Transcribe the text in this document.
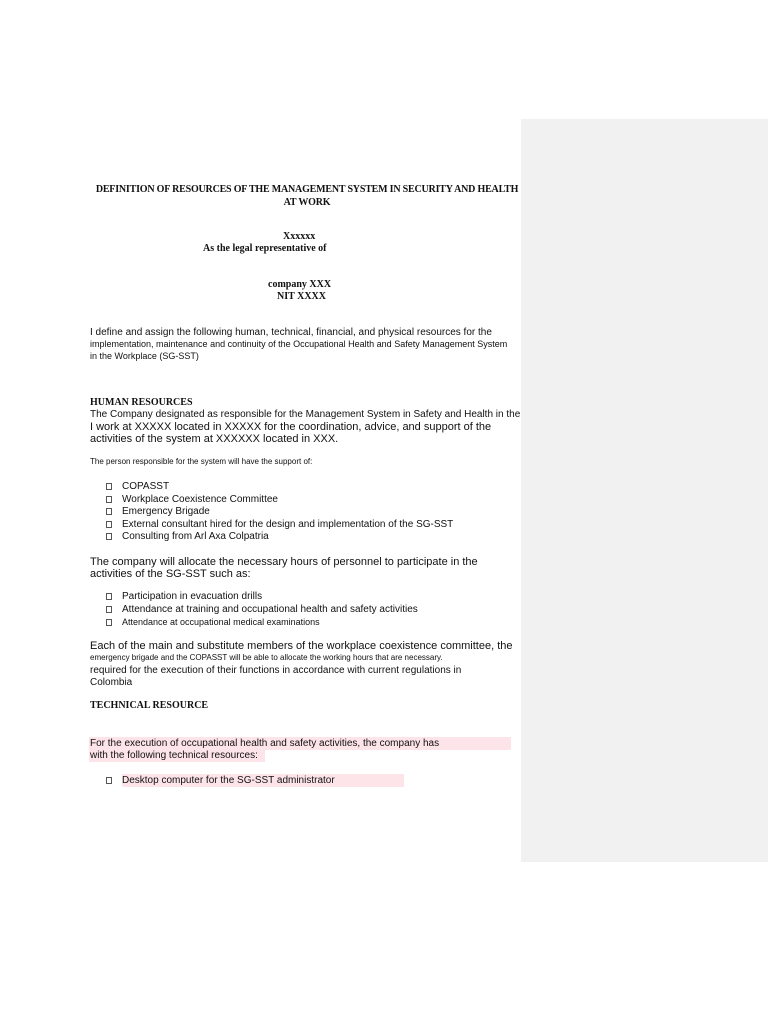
DEFINITION OF RESOURCES OF THE MANAGEMENT SYSTEM IN SECURITY AND HEALTH
AT WORK
Xxxxxx
As the legal representative of
company XXX
NIT XXXX
I define and assign the following human, technical, financial, and physical resources for the
implementation, maintenance and continuity of the Occupational Health and Safety Management System
in the Workplace (SG-SST)
HUMAN RESOURCES
The Company designated as responsible for the Management System in Safety and Health in the
I work at XXXXX located in XXXXX for the coordination, advice, and support of the
activities of the system at XXXXXX located in XXX.
The person responsible for the system will have the support of:
COPASST
Workplace Coexistence Committee
Emergency Brigade
External consultant hired for the design and implementation of the SG-SST
Consulting from Arl Axa Colpatria
The company will allocate the necessary hours of personnel to participate in the
activities of the SG-SST such as:
Participation in evacuation drills
Attendance at training and occupational health and safety activities
Attendance at occupational medical examinations
Each of the main and substitute members of the workplace coexistence committee, the
emergency brigade and the COPASST will be able to allocate the working hours that are necessary.
required for the execution of their functions in accordance with current regulations in
Colombia
TECHNICAL RESOURCE
For the execution of occupational health and safety activities, the company has
with the following technical resources:
Desktop computer for the SG-SST administrator
